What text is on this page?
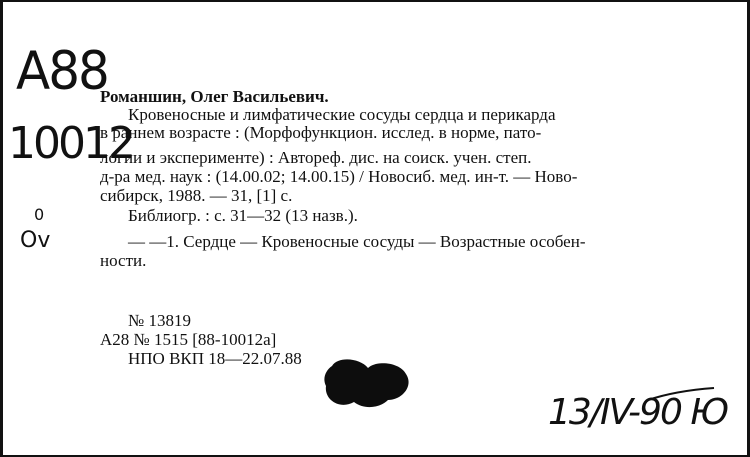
A88
10012
0
Ov
Романшин, Олег Васильевич.
Кровеносные и лимфатические сосуды сердца и перикарда
в раннем возрасте : (Морфофункцион. исслед. в норме, пато-
логии и эксперименте) : Автореф. дис. на соиск. учен. степ.
д-ра мед. наук : (14.00.02; 14.00.15) / Новосиб. мед. ин-т. — Ново-
сибирск, 1988. — 31, [1] с.
Библиогр. : с. 31—32 (13 назв.).
— —1. Сердце — Кровеносные сосуды — Возрастные особен-
ности.
№ 13819
А28 № 1515 [88-10012а]
НПО ВКП 18—22.07.88
13/IV-90 Ю
